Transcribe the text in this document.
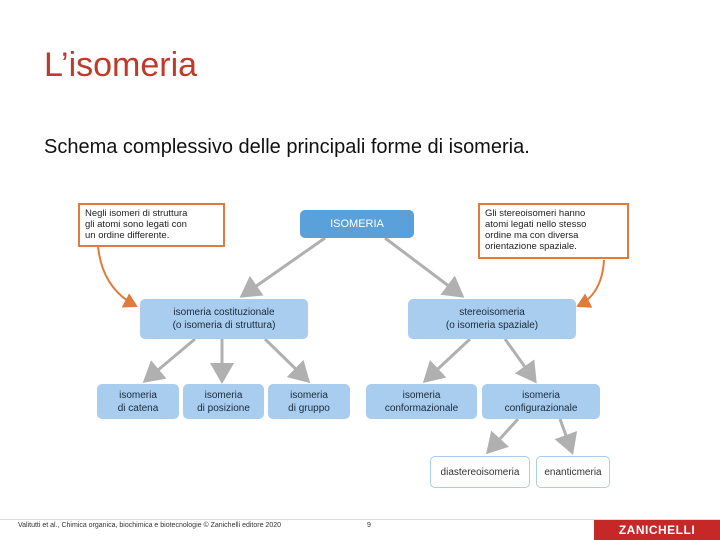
L’isomeria
Schema complessivo delle principali forme di isomeria.
Negli isomeri di struttura
gli atomi sono legati con
un ordine differente.
Gli stereoisomeri hanno
atomi legati nello stesso
ordine ma con diversa
orientazione spaziale.
ISOMERIA
isomeria costituzionale
(o isomeria di struttura)
stereoisomeria
(o isomeria spaziale)
isomeria
di catena
isomeria
di posizione
isomeria
di gruppo
isomeria
conformazionale
isomeria
configurazionale
diastereoisomeria	enanticmeria
Valitutti et al., Chimica organica, biochimica e biotecnologie © Zanichelli editore 2020	9	ZANICHELLI
